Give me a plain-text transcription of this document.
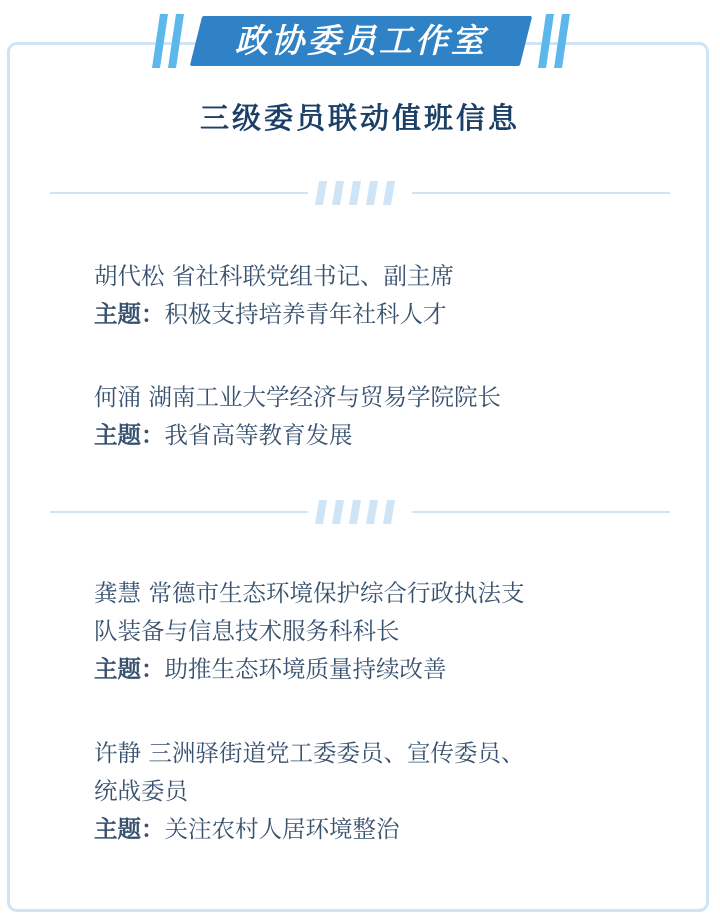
政协委员工作室
三级委员联动值班信息
胡代松 省社科联党组书记、副主席
主题：积极支持培养青年社科人才
何涌 湖南工业大学经济与贸易学院院长
主题：我省高等教育发展
龚慧 常德市生态环境保护综合行政执法支
队装备与信息技术服务科科长
主题：助推生态环境质量持续改善
许静 三洲驿街道党工委委员、宣传委员、
统战委员
主题：关注农村人居环境整治
